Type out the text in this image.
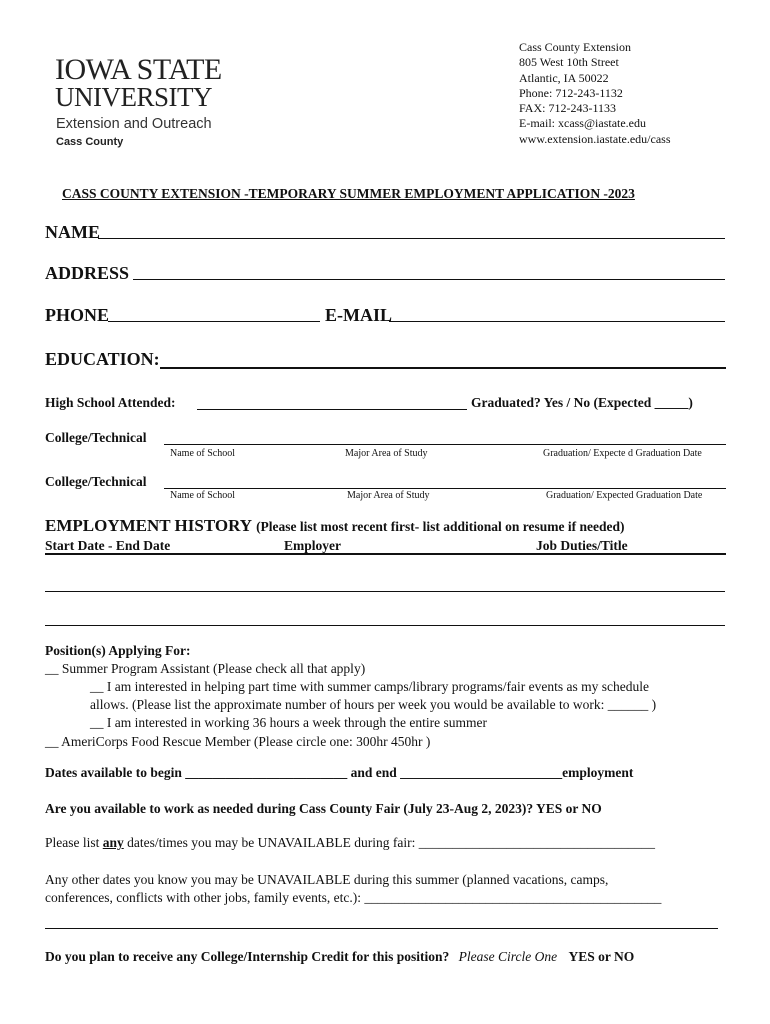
IOWA STATE
UNIVERSITY
Extension and Outreach
Cass County
Cass County Extension
805 West 10th Street
Atlantic, IA 50022
Phone: 712-243-1132
FAX: 712-243-1133
E-mail: xcass@iastate.edu
www.extension.iastate.edu/cass
CASS COUNTY EXTENSION -TEMPORARY SUMMER EMPLOYMENT APPLICATION -2023
NAME
ADDRESS
PHONE	E-MAIL
EDUCATION:
High School Attended:	Graduated? Yes / No (Expected _____)
College/Technical
Name of School	Major Area of Study	Graduation/ Expecte d Graduation Date
College/Technical
Name of School	Major Area of Study	Graduation/ Expected Graduation Date
EMPLOYMENT HISTORY (Please list most recent first- list additional on resume if needed)
Start Date - End Date	Employer	Job Duties/Title
Position(s) Applying For:
__ Summer Program Assistant (Please check all that apply)
__ I am interested in helping part time with summer camps/library programs/fair events as my schedule
allows. (Please list the approximate number of hours per week you would be available to work: ______ )
__ I am interested in working 36 hours a week through the entire summer
__ AmeriCorps Food Rescue Member (Please circle one: 300hr 450hr )
Dates available to begin ________________________ and end ________________________employment
Are you available to work as needed during Cass County Fair (July 23-Aug 2, 2023)? YES or NO
Please list any dates/times you may be UNAVAILABLE during fair: ___________________________________
Any other dates you know you may be UNAVAILABLE during this summer (planned vacations, camps,
conferences, conflicts with other jobs, family events, etc.): ____________________________________________
Do you plan to receive any College/Internship Credit for this position? Please Circle One YES or NO
